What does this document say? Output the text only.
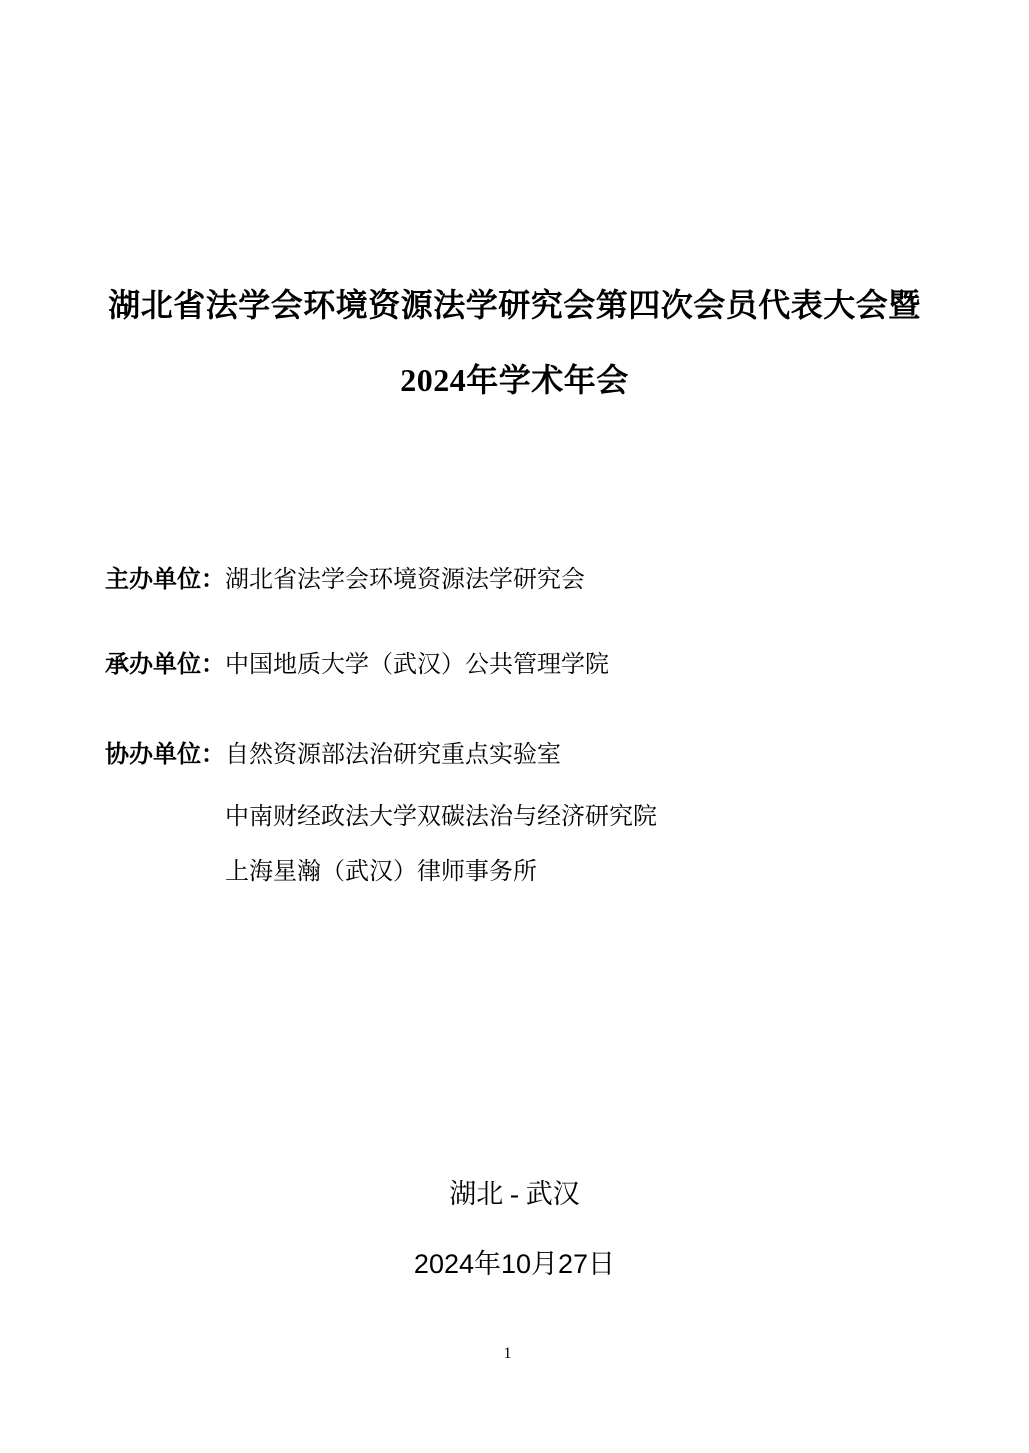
湖北省法学会环境资源法学研究会第四次会员代表大会暨
2024年学术年会
主办单位：湖北省法学会环境资源法学研究会
承办单位：中国地质大学（武汉）公共管理学院
协办单位：自然资源部法治研究重点实验室
中南财经政法大学双碳法治与经济研究院
上海星瀚（武汉）律师事务所
湖北 - 武汉
2024年10月27日
1
